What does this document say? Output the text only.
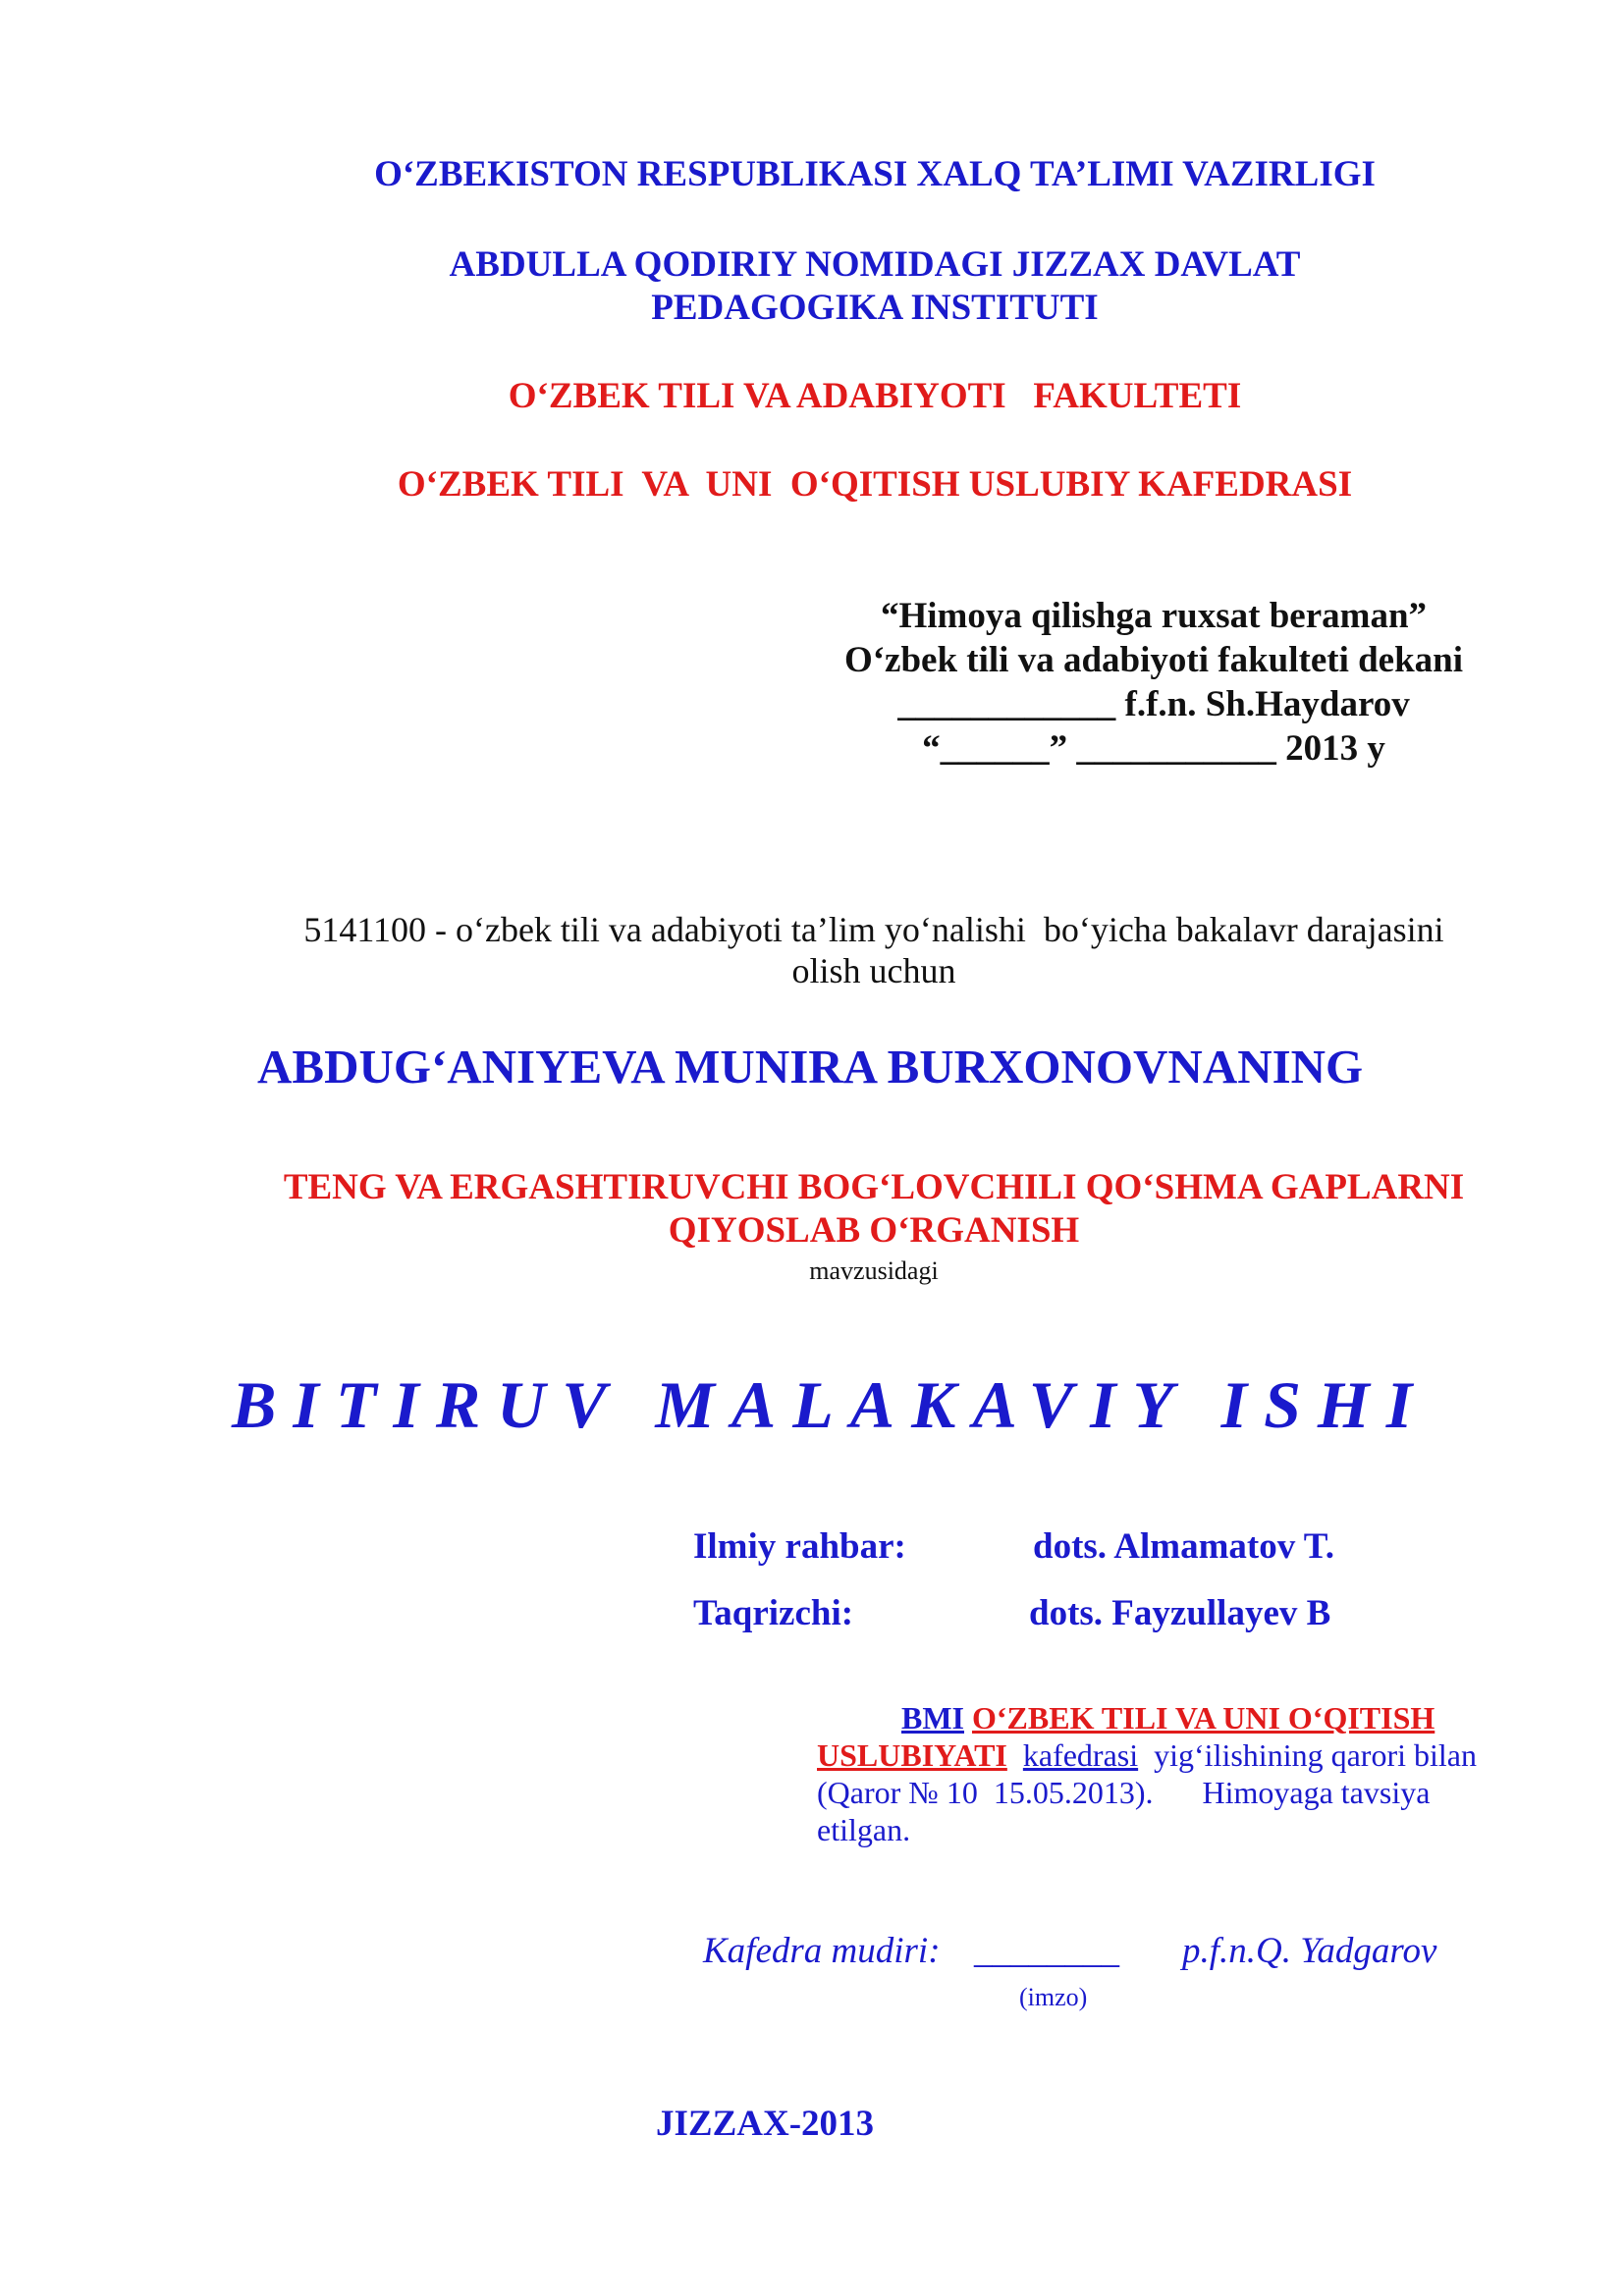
O‘ZBEKISTON RESPUBLIKASI XALQ TA’LIMI VAZIRLIGI
ABDULLA QODIRIY NOMIDAGI JIZZAX DAVLAT
PEDAGOGIKA INSTITUTI
O‘ZBEK TILI VA ADABIYOTI   FAKULTETI
O‘ZBEK TILI  VA  UNI  O‘QITISH USLUBIY KAFEDRASI
“Himoya qilishga ruxsat beraman”
O‘zbek tili va adabiyoti fakulteti dekani
____________ f.f.n. Sh.Haydarov
“______” ___________ 2013 y
5141100 - o‘zbek tili va adabiyoti ta’lim yo‘nalishi  bo‘yicha bakalavr darajasini
olish uchun
ABDUG‘ANIYEVA MUNIRA BURXONOVNANING
TENG VA ERGASHTIRUVCHI BOG‘LOVCHILI QO‘SHMA GAPLARNI
QIYOSLAB O‘RGANISH
mavzusidagi
BITIRUV MALAKAVIY ISHI
Ilmiy rahbar:	dots. Almamatov T.
Taqrizchi:	dots. Fayzullayev B
BMI O‘ZBEK TILI VA UNI O‘QITISH
USLUBIYATI kafedrasi yig‘ilishining qarori bilan
(Qaror № 10  15.05.2013). Himoyaga tavsiya
etilgan.
Kafedra mudiri: ________ p.f.n.Q. Yadgarov
(imzo)
JIZZAX-2013
